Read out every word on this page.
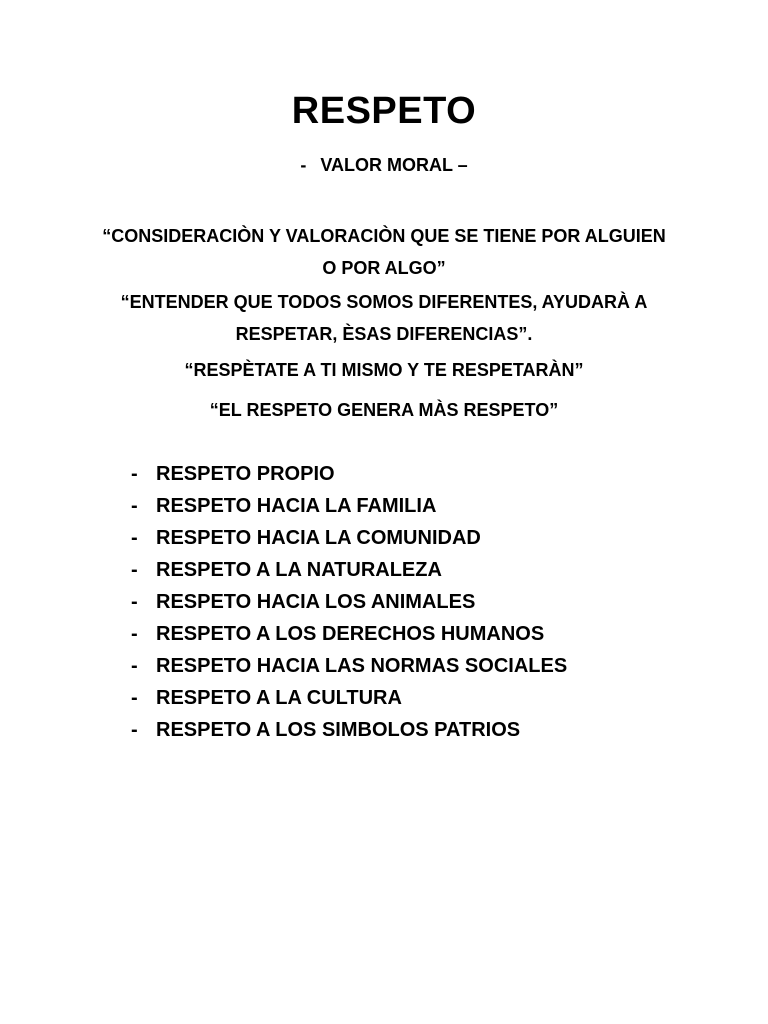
RESPETO
- VALOR MORAL –
“CONSIDERACIÒN Y VALORACIÒN QUE SE TIENE POR ALGUIEN O POR ALGO”
“ENTENDER QUE TODOS SOMOS DIFERENTES, AYUDARÀ A RESPETAR, ÈSAS DIFERENCIAS”.
“RESPÈTATE A TI MISMO Y TE RESPETARÀN”
“EL RESPETO GENERA MÀS RESPETO”
- RESPETO PROPIO
- RESPETO HACIA LA FAMILIA
- RESPETO HACIA LA COMUNIDAD
- RESPETO A LA NATURALEZA
- RESPETO HACIA LOS ANIMALES
- RESPETO A LOS DERECHOS HUMANOS
- RESPETO HACIA LAS NORMAS SOCIALES
- RESPETO A LA CULTURA
- RESPETO A LOS SIMBOLOS PATRIOS
